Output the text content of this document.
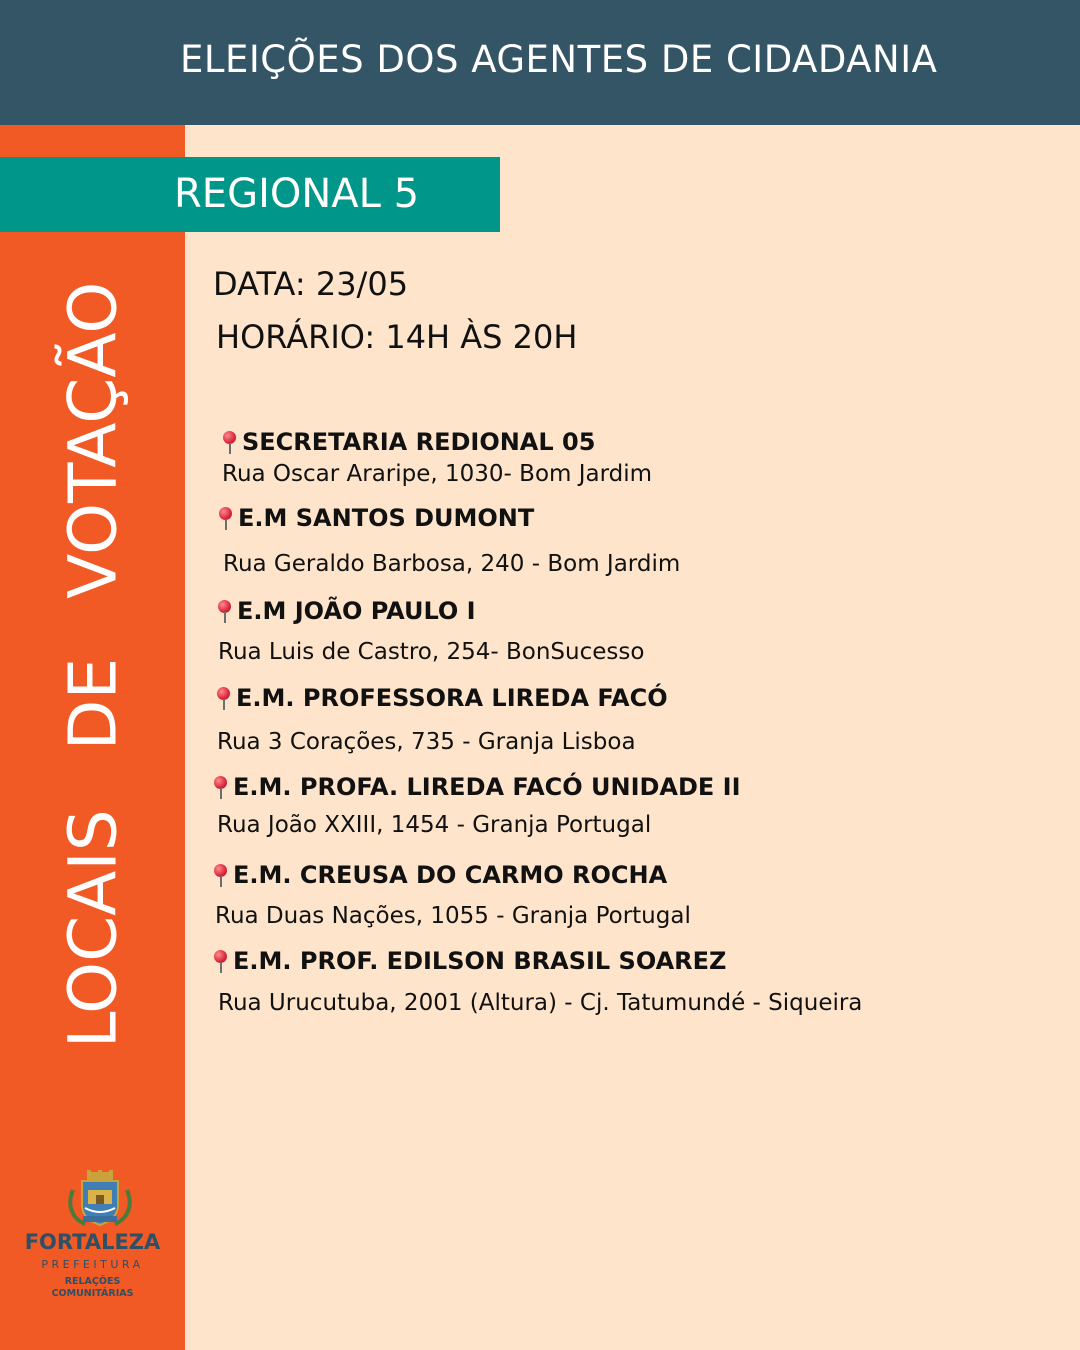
ELEIÇÕES DOS AGENTES DE CIDADANIA
LOCAIS DE VOTAÇÃO
REGIONAL 5
DATA: 23/05
HORÁRIO: 14H ÀS 20H
SECRETARIA REDIONAL 05
Rua Oscar Araripe, 1030- Bom Jardim
E.M SANTOS DUMONT
Rua Geraldo Barbosa, 240 - Bom Jardim
E.M JOÃO PAULO I
Rua Luis de Castro, 254- BonSucesso
E.M. PROFESSORA LIREDA FACÓ
Rua 3 Corações, 735 - Granja Lisboa
E.M. PROFA. LIREDA FACÓ UNIDADE II
Rua João XXIII, 1454 - Granja Portugal
E.M. CREUSA DO CARMO ROCHA
Rua Duas Nações, 1055 - Granja Portugal
E.M. PROF. EDILSON BRASIL SOAREZ
Rua Urucutuba, 2001 (Altura) - Cj. Tatumundé - Siqueira
FORTALEZA
PREFEITURA
RELAÇÕES
COMUNITÁRIAS
